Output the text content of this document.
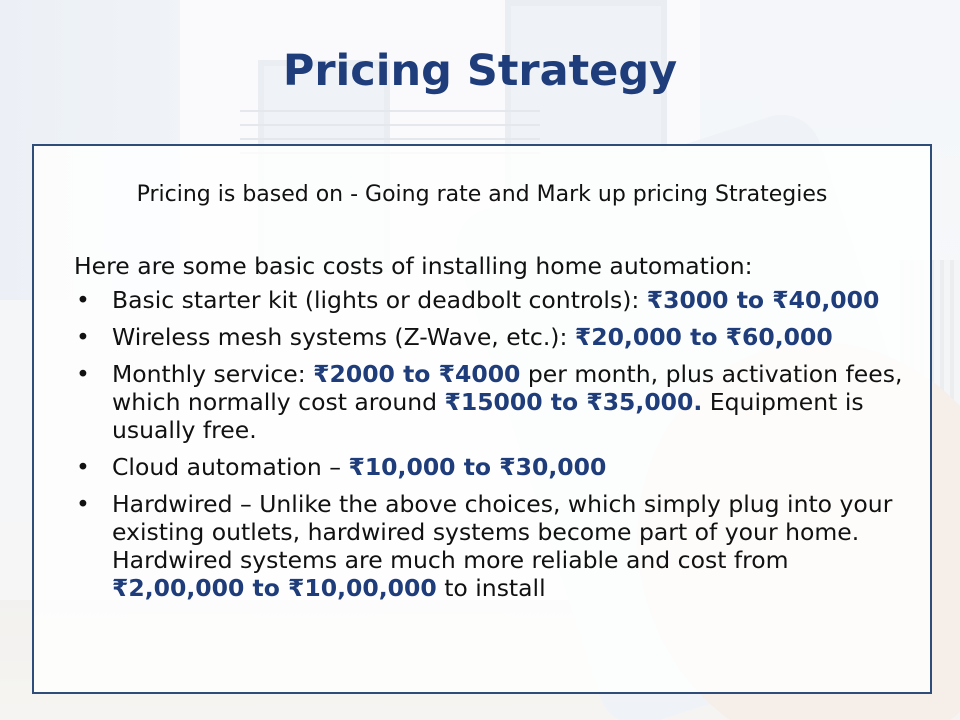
Pricing Strategy
Pricing is based on - Going rate and Mark up pricing Strategies
Here are some basic costs of installing home automation:
• Basic starter kit (lights or deadbolt controls): ₹3000 to ₹40,000
• Wireless mesh systems (Z-Wave, etc.): ₹20,000 to ₹60,000
• Monthly service: ₹2000 to ₹4000 per month, plus activation fees, which normally cost around ₹15000 to ₹35,000. Equipment is usually free.
• Cloud automation – ₹10,000 to ₹30,000
• Hardwired – Unlike the above choices, which simply plug into your existing outlets, hardwired systems become part of your home. Hardwired systems are much more reliable and cost from ₹2,00,000 to ₹10,00,000 to install
